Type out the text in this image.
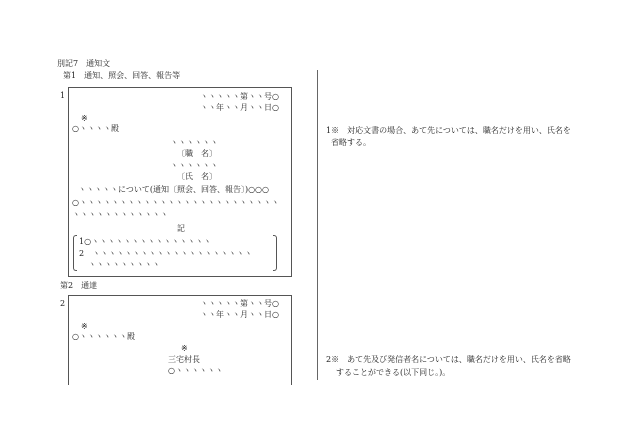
別記7　通知文
第1　通知、照会、回答、報告等
1	ヽヽヽヽヽ第ヽヽ号○
ヽヽ年ヽヽ月ヽヽ日○
※
○ヽヽヽヽ殿
ヽヽヽヽヽヽ
〔職　名〕
ヽヽヽヽヽヽ
〔氏　名〕
ヽヽヽヽヽについて(通知〔照会、回答、報告〕)○○○
○ヽヽヽヽヽヽヽヽヽヽヽヽヽヽヽヽヽヽヽヽヽヽヽヽヽ
ヽヽヽヽヽヽヽヽヽヽヽヽ
記
1○ヽヽヽヽヽヽヽヽヽヽヽヽヽヽヽ
2　ヽヽヽヽヽヽヽヽヽヽヽヽヽヽヽヽヽヽヽヽ
ヽヽヽヽヽヽヽヽヽ
第2　通達
2	ヽヽヽヽヽ第ヽヽ号○
ヽヽ年ヽヽ月ヽヽ日○
※
○ヽヽヽヽヽヽ殿
※
三宅村長
○ヽヽヽヽヽヽ
1※　対応文書の場合、あて先については、職名だけを用い、氏名を
省略する。
2※　あて先及び発信者名については、職名だけを用い、氏名を省略
することができる(以下同じ。)。
